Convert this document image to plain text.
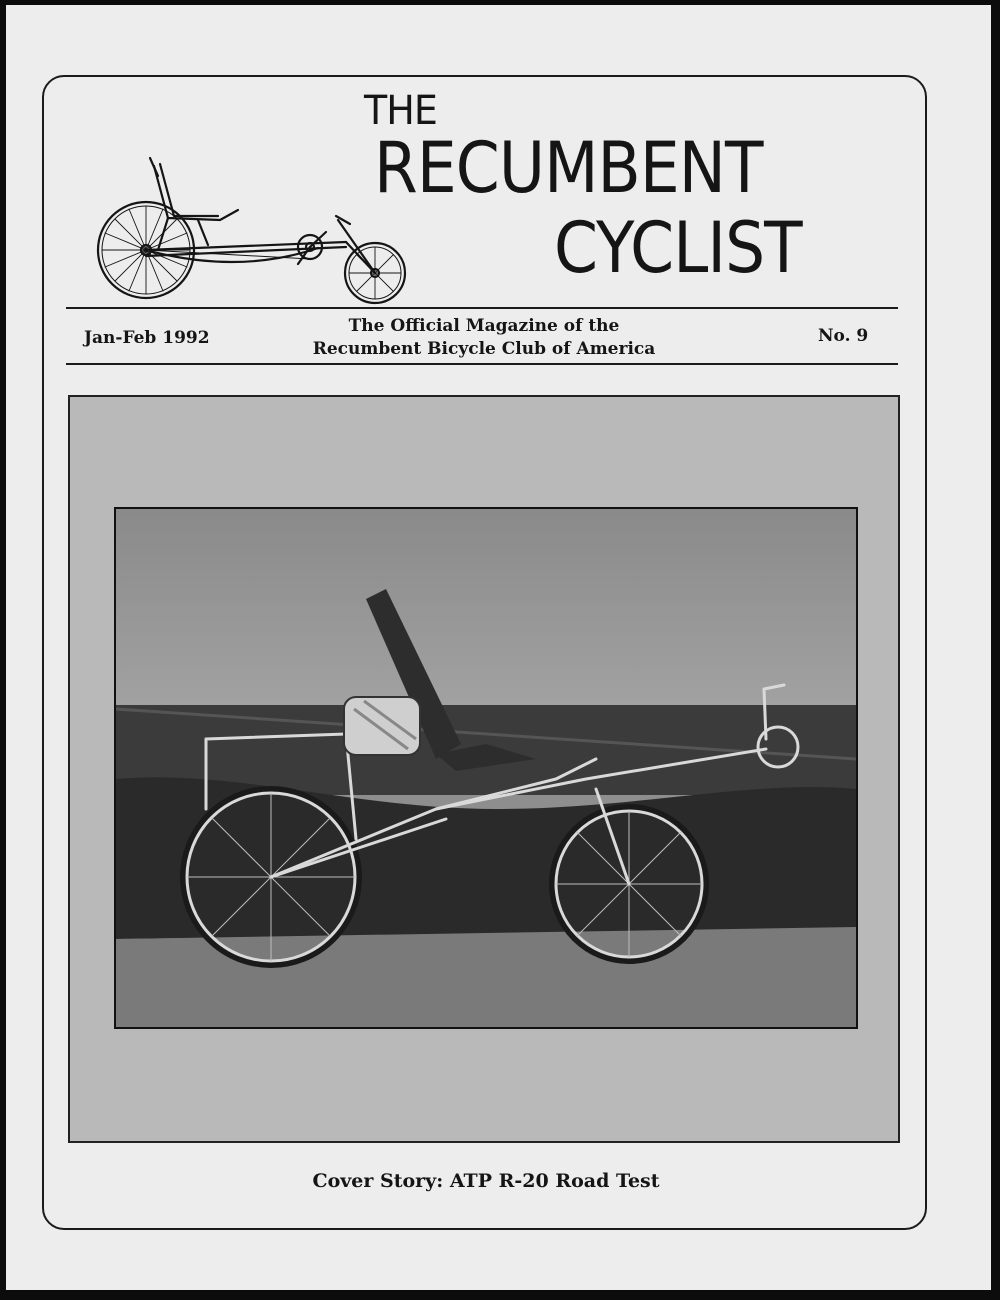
THE
RECUMBENT
CYCLIST
Jan-Feb 1992
The Official Magazine of the
Recumbent Bicycle Club of America
No. 9
Cover Story: ATP R-20 Road Test
